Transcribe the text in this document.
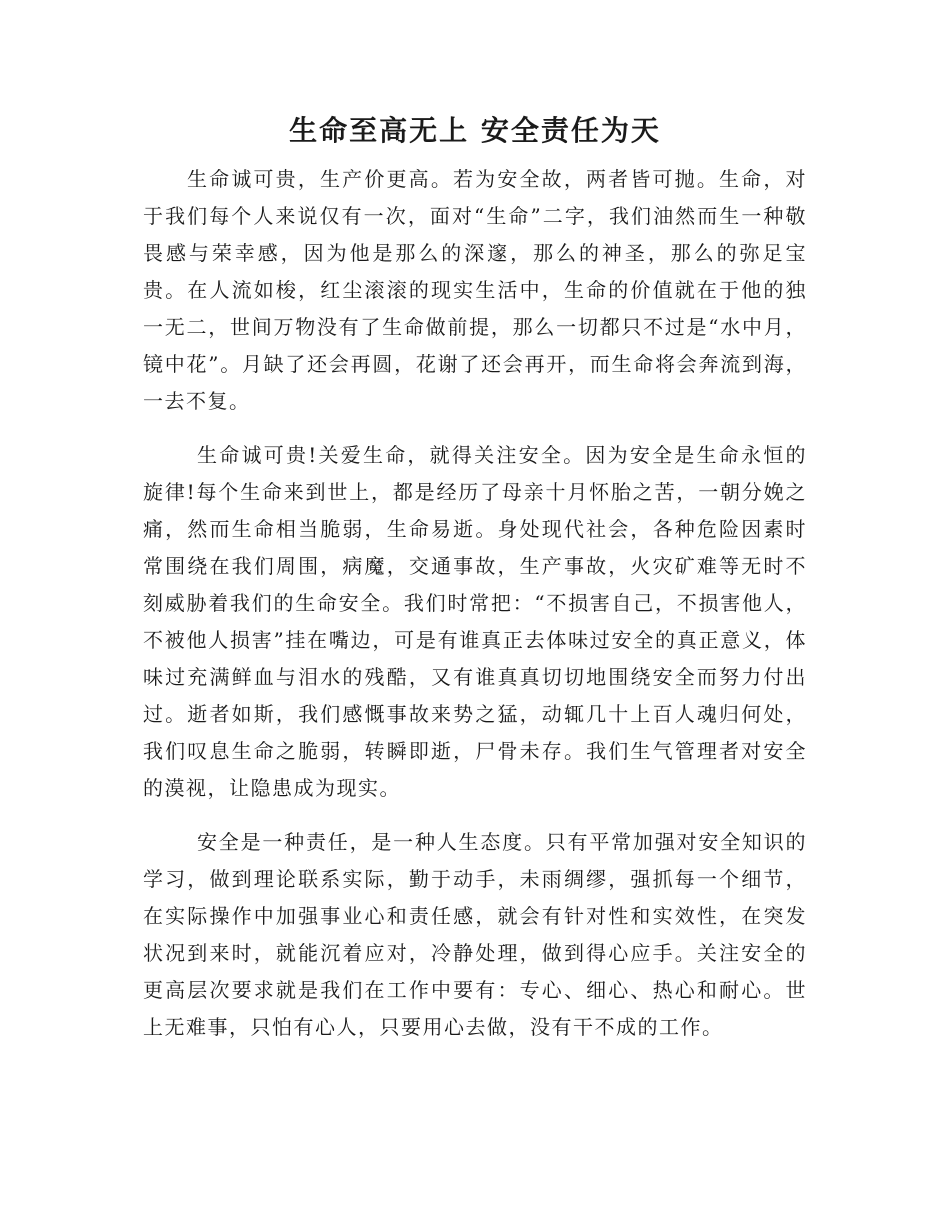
生命至高无上 安全责任为天

生命诚可贵，生产价更高。若为安全故，两者皆可抛。生命，对于我们每个人来说仅有一次，面对“生命”二字，我们油然而生一种敬畏感与荣幸感，因为他是那么的深邃，那么的神圣，那么的弥足宝贵。在人流如梭，红尘滚滚的现实生活中，生命的价值就在于他的独一无二，世间万物没有了生命做前提，那么一切都只不过是“水中月，镜中花”。月缺了还会再圆，花谢了还会再开，而生命将会奔流到海，一去不复。

生命诚可贵!关爱生命，就得关注安全。因为安全是生命永恒的旋律!每个生命来到世上，都是经历了母亲十月怀胎之苦，一朝分娩之痛，然而生命相当脆弱，生命易逝。身处现代社会，各种危险因素时常围绕在我们周围，病魔，交通事故，生产事故，火灾矿难等无时不刻威胁着我们的生命安全。我们时常把：“不损害自己，不损害他人，不被他人损害”挂在嘴边，可是有谁真正去体味过安全的真正意义，体味过充满鲜血与泪水的残酷，又有谁真真切切地围绕安全而努力付出过。逝者如斯，我们感慨事故来势之猛，动辄几十上百人魂归何处，我们叹息生命之脆弱，转瞬即逝，尸骨未存。我们生气管理者对安全的漠视，让隐患成为现实。

安全是一种责任，是一种人生态度。只有平常加强对安全知识的学习，做到理论联系实际，勤于动手，未雨绸缪，强抓每一个细节，在实际操作中加强事业心和责任感，就会有针对性和实效性，在突发状况到来时，就能沉着应对，冷静处理，做到得心应手。关注安全的更高层次要求就是我们在工作中要有：专心、细心、热心和耐心。世上无难事，只怕有心人，只要用心去做，没有干不成的工作。
